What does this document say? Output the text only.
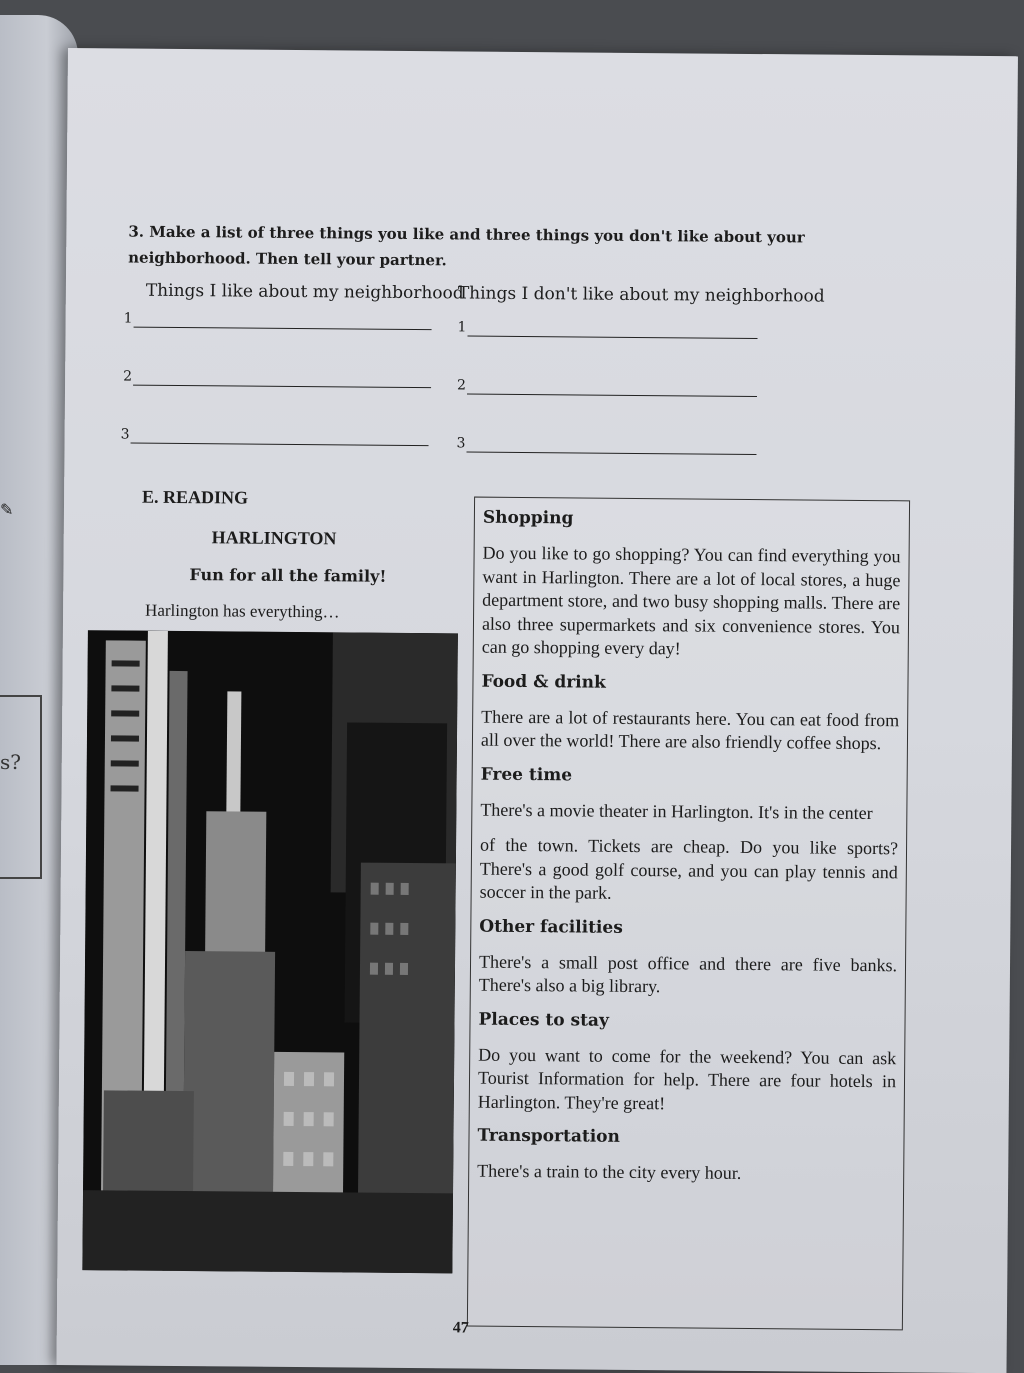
✎
s?
3. Make a list of three things you like and three things you don't like about your neighborhood. Then tell your partner.
Things I like about my neighborhood
Things I don't like about my neighborhood
1
2
3
1
2
3
E. READING
HARLINGTON
Fun for all the family!
Harlington has everything…
Shopping
Do you like to go shopping? You can find everything you want in Harlington. There are a lot of local stores, a huge department store, and two busy shopping malls. There are also three supermarkets and six convenience stores. You can go shopping every day!
Food & drink
There are a lot of restaurants here. You can eat food from all over the world! There are also friendly coffee shops.
Free time
There's a movie theater in Harlington. It's in the center
of the town. Tickets are cheap. Do you like sports? There's a good golf course, and you can play tennis and soccer in the park.
Other facilities
There's a small post office and there are five banks. There's also a big library.
Places to stay
Do you want to come for the weekend? You can ask Tourist Information for help. There are four hotels in Harlington. They're great!
Transportation
There's a train to the city every hour.
47
